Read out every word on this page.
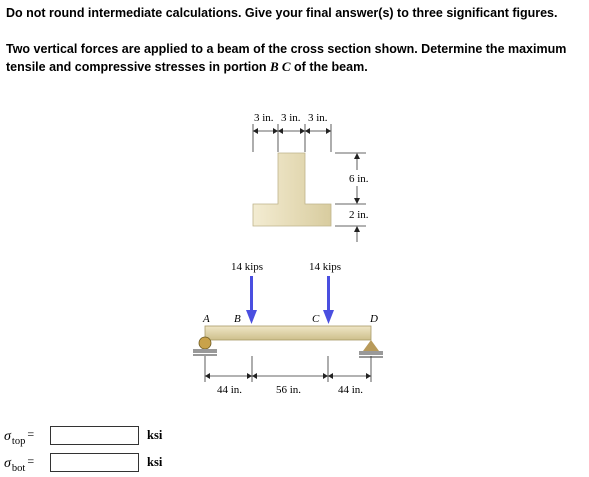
Do not round intermediate calculations. Give your final answer(s) to three significant figures.
Two vertical forces are applied to a beam of the cross section shown. Determine the maximum tensile and compressive stresses in portion B C of the beam.
3 in. 3 in. 3 in.
6 in.
2 in.
14 kips	14 kips
A B	C	D
44 in.	56 in.	44 in.
σ top
=	ksi
σ bot
=	ksi
